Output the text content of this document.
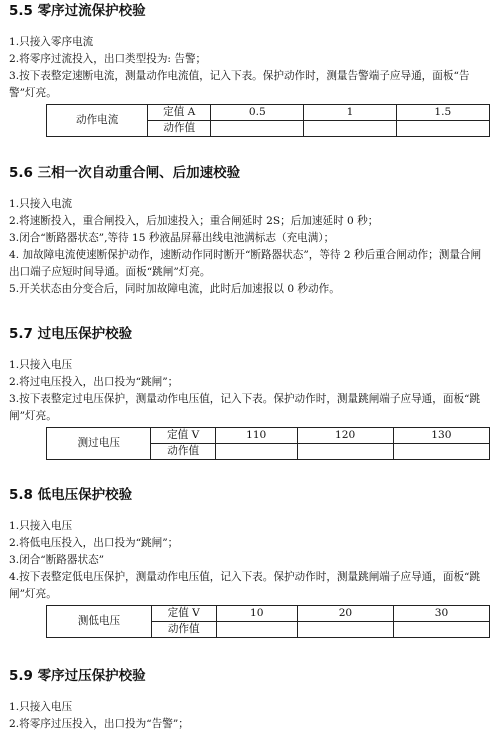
5.5 零序过流保护校验

1.只接入零序电流

2.将零序过流投入，出口类型投为: 告警；

3.按下表整定速断电流，测量动作电流值，记入下表。保护动作时，测量告警端子应导通，面板“告警”灯亮。

动作电流	定值 A	0.5	1	1.5
	动作值			
5.6 三相一次自动重合闸、后加速校验

1.只接入电流

2.将速断投入，重合闸投入，后加速投入；重合闸延时 2S；后加速延时 0 秒；

3.闭合“断路器状态”,等待 15 秒液晶屏幕出线电池满标志（充电满）；

4. 加故障电流使速断保护动作，速断动作同时断开“断路器状态”，等待 2 秒后重合闸动作；测量合闸出口端子应短时间导通。面板“跳闸”灯亮。

5.开关状态由分变合后，同时加故障电流，此时后加速报以 0 秒动作。

5.7 过电压保护校验

1.只接入电压

2.将过电压投入，出口投为“跳闸”；

3.按下表整定过电压保护，测量动作电压值，记入下表。保护动作时，测量跳闸端子应导通，面板“跳闸”灯亮。

测过电压	定值 V	110	120	130
	动作值			
5.8 低电压保护校验

1.只接入电压

2.将低电压投入，出口投为“跳闸”；

3.闭合“断路器状态”

4.按下表整定低电压保护，测量动作电压值，记入下表。保护动作时，测量跳闸端子应导通，面板“跳闸”灯亮。

测低电压	定值 V	10	20	30
	动作值			
5.9 零序过压保护校验

1.只接入电压

2.将零序过压投入，出口投为“告警”；
